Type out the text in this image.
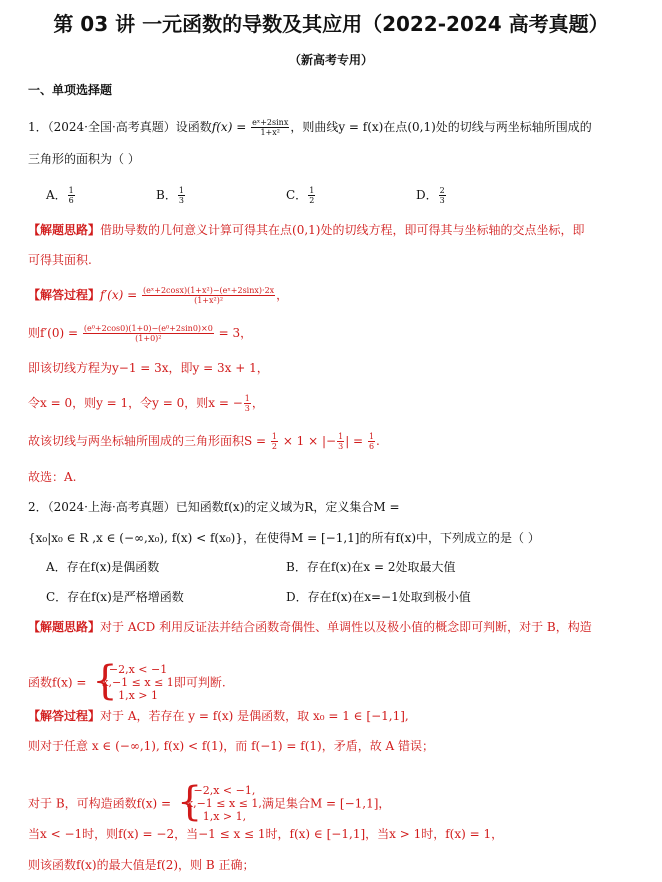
第 03 讲 一元函数的导数及其应用（2022-2024 高考真题）
（新高考专用）
一、单项选择题
1．（2024·全国·高考真题）设函数$f(x) = \frac{\text{eˣ+2sinx}}{\text{1+x²}}$ ，则曲线y = f(x)在点(0,1)处的切线与两坐标轴所围成的
三角形的面积为（ ）
A． $\frac{1}{6}$	B． $\frac{1}{3}$	C． $\frac{1}{2}$	D． $\frac{2}{3}$
【解题思路】借助导数的几何意义计算可得其在点(0,1)处的切线方程，即可得其与坐标轴的交点坐标，即
可得其面积.
【解答过程】$f'(x) = \frac{\text{(eˣ+2cosx)(1+x²)−(eˣ+2sinx)·2x}}{\text{(1+x²)²}}$ ，
则$f'(0) = \frac{\text{(e⁰+2cos0)(1+0)−(e⁰+2sin0)×0}}{\text{(1+0)²}} = 3$，
即该切线方程为y−1 = 3x，即y = 3x + 1，
令x = 0，则y = 1，令y = 0，则x = − $\frac{1}{3}$ ，
故该切线与两坐标轴所围成的三角形面积$S = \frac{1}{2} \times 1$ × |− $\frac{1}{3}$ | = $\frac{1}{6}$ .
故选：A.
2．（2024·上海·高考真题）已知函数f(x)的定义域为R，定义集合M =
{x₀|x₀ ∈ R ,x ∈ (−∞,x₀), f(x) < f(x₀)}，在使得M = [−1,1]的所有f(x)中，下列成立的是（ ）
A．存在f(x)是偶函数	B．存在f(x)在x = 2处取最大值
C．存在f(x)是严格增函数	D．存在f(x)在x=−1处取到极小值
【解题思路】对于 ACD 利用反证法并结合函数奇偶性、单调性以及极小值的概念即可判断，对于 B，构造
函数f(x) = {
−2,x < −1
x,−1 ≤ x ≤ 1
1,x > 1
即可判断.
【解答过程】对于 A，若存在 y = f(x) 是偶函数，取 x₀ = 1 ∈ [−1,1],
则对于任意 x ∈ (−∞,1), f(x) < f(1)，而 f(−1) = f(1)，矛盾，故 A 错误；
对于 B，可构造函数f(x) = {
−2,x < −1,
x,−1 ≤ x ≤ 1,
1,x > 1,
满足集合M = [−1,1]，
当x < −1时，则f(x) = −2，当−1 ≤ x ≤ 1时，f(x) ∈ [−1,1]，当x > 1时，f(x) = 1，
则该函数f(x)的最大值是f(2)，则 B 正确；
